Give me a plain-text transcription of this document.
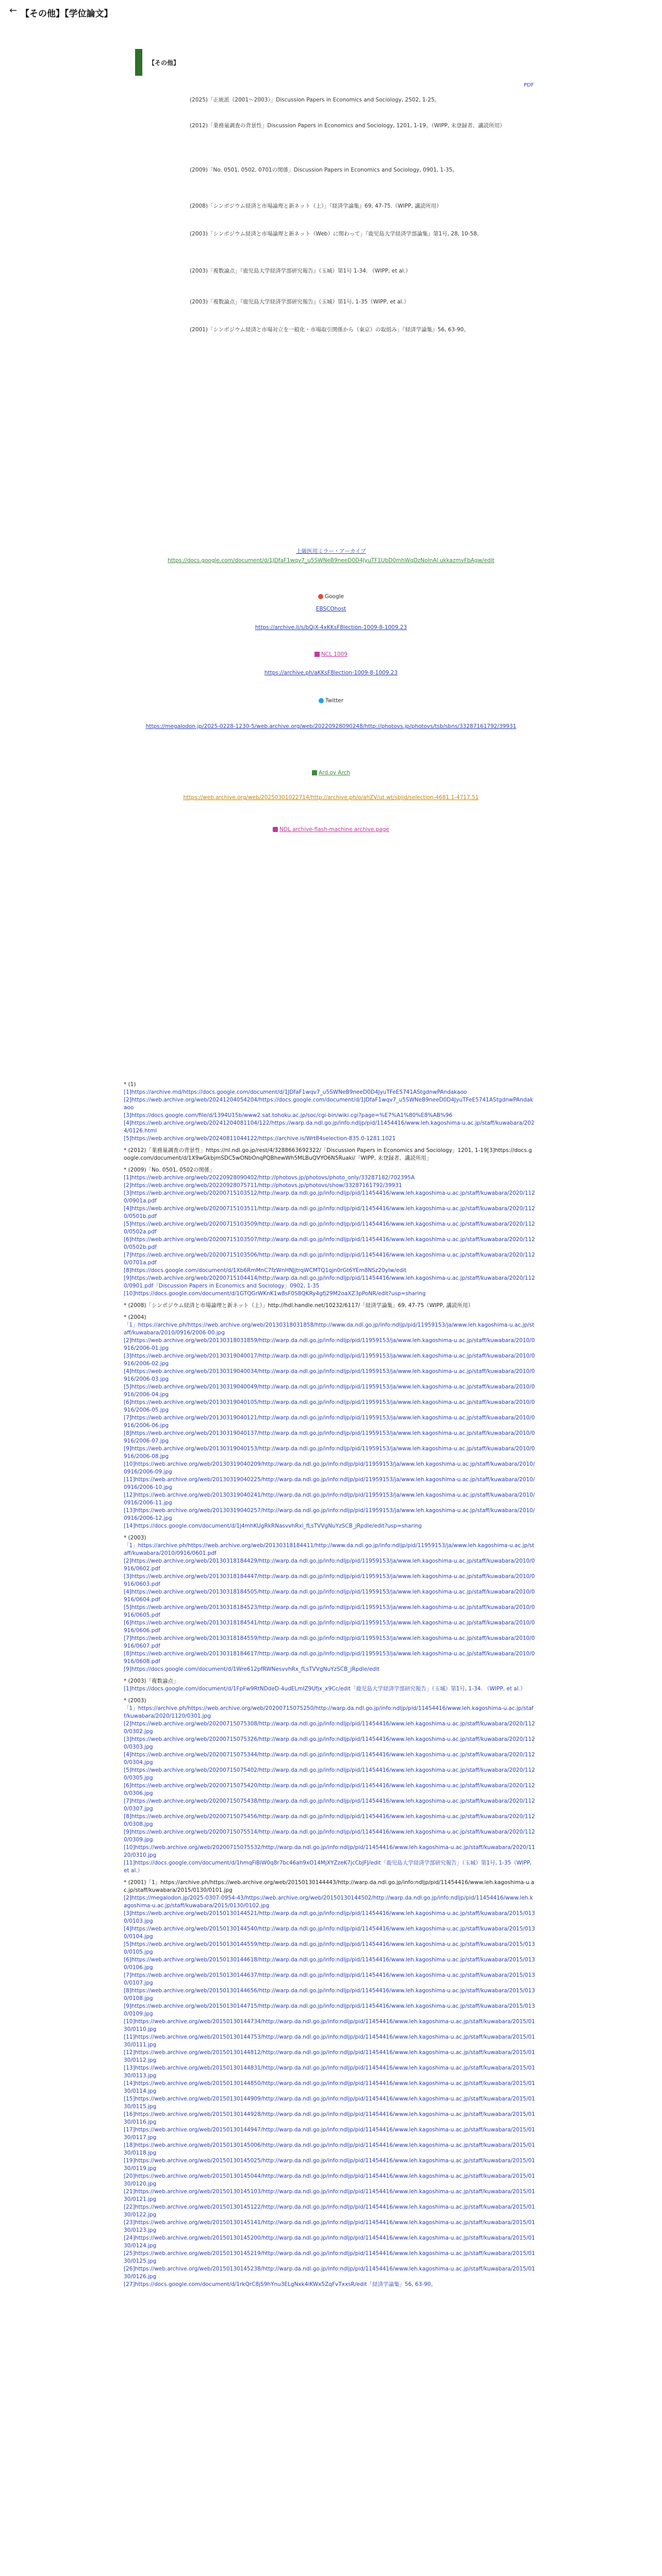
← 【その他】【学位論文】
【その他】
PDF
(2025)「正統派（2001〜2003）」Discussion Papers in Economics and Sociology, 2502, 1-25。
(2012)「業務量調査の背景性」Discussion Papers in Economics and Sociology, 1201, 1-19。（WIPP, 未登録者、講読所用）
(2009)「No. 0501, 0502, 0701の関係」Discussion Papers in Economics and Sociology, 0901, 1-35。
(2008)「シンポジウム経済と市場論理と新ネット（上）」『経済学論集』69, 47-75.（WIPP, 講読所用）
(2003)「シンポジウム経済と市場論理と新ネット（Web）に関わって」『鹿児島大学経済学部論集』第1号, 28, 10-58。
(2003)「複数論点」『鹿児島大学経済学部研究報告』（玉城）第1号 1-34. （WIPP, et al.）
(2003)「複数論点」『鹿児島大学経済学部研究報告』（玉城）第1号, 1-35（WIPP, et al.）
(2001)「シンポジウム経済と市場対立を一般化・市場取引関係から（東京）の取組み」『経済学論集』56, 63-90。
上級医用ミラー・アーカイブ
https://docs.google.com/document/d/1JDfaF1wqv7_u5SWNeB9neeD0D4JyuTF1UbD0mhWqDzNoInAl ukkazmvFbAgw/edit
Google
EBSCOhost
https://archive.li/s/bQjX-4xKKsF8lection-1009-8-1009.23
NCL 1009
https://archive.ph/aKKsF8lection-1009-8-1009.23
Twitter
https://megalodon.jp/2025-0228-1230-5/web.archive.org/web/20220928090248/http://photovs.jp/photovs/tsb/sbns/33287161792/39931
Ard.ov Arch
https://web.archive.org/web/20250301022714/http://archive.ph/o/ahZV/ut.wt/sbjid/selection-4681.1-4717.51
NDL archive-flash-machine archive.page
* (1)
[1]https://archive.md/https://docs.google.com/document/d/1JDfaF1wqv7_u5SWNeB9neeD0D4JyuTFeE5741AStgdnwPAndakaoo
[2]https://web.archive.org/web/20241204054204/https://docs.google.com/document/d/1JDfaF1wqv7_u5SWNeB9neeD0D4JyuTFeE5741AStgdnwPAndakaoo
[3]https://docs.google.com/file/d/1394U15b/www2.sat.tohoku.ac.jp/soc/cgi-bin/wiki.cgi?page=%E7%A1%80%E8%AB%96
[4]https://web.archive.org/web/20241204081104/122/https://warp.da.ndl.go.jp/info:ndljp/pid/11454416/www.leh.kagoshima-u.ac.jp/staff/kuwabara/2024/0126.html
[5]https://web.archive.org/web/20240811044122/https://archive.is/Wrt84selection-835.0-1281.1021
* (2012)「業務量調査の背景性」https://nl.ndl.go.jp/rest/4/3288663692322/「Discussion Papers in Economics and Sociology」1201, 1-19[3]https://docs.google.com/document/d/1X9wGkbjmSDC5wONbOnqPQBhewWh5MLBuQVYO6N5Ruaki/「WIPP, 未登録者、講読所用」
* (2009)「No. 0501, 0502の関係」
[1]https://web.archive.org/web/20220928090402/http://photovs.jp/photovs/photo_only/33287182/702395A
[2]https://web.archive.org/web/20220928075711/http://photovs.jp/photovs/show/33287161792/39931
[3]https://web.archive.org/web/20200715103512/http://warp.da.ndl.go.jp/info:ndljp/pid/11454416/www.leh.kagoshima-u.ac.jp/staff/kuwabara/2020/1120/0901a.pdf
[4]https://web.archive.org/web/20200715103511/http://warp.da.ndl.go.jp/info:ndljp/pid/11454416/www.leh.kagoshima-u.ac.jp/staff/kuwabara/2020/1120/0501b.pdf
[5]https://web.archive.org/web/20200715103509/http://warp.da.ndl.go.jp/info:ndljp/pid/11454416/www.leh.kagoshima-u.ac.jp/staff/kuwabara/2020/1120/0502a.pdf
[6]https://web.archive.org/web/20200715103507/http://warp.da.ndl.go.jp/info:ndljp/pid/11454416/www.leh.kagoshima-u.ac.jp/staff/kuwabara/2020/1120/0502b.pdf
[7]https://web.archive.org/web/20200715103506/http://warp.da.ndl.go.jp/info:ndljp/pid/11454416/www.leh.kagoshima-u.ac.jp/staff/kuwabara/2020/1120/0701a.pdf
[8]https://docs.google.com/document/d/1Xb6RmMnC7fzWnHNJjtrqWCMTQ1qjn0rGt6YEm8NSz20yIw/edit
[9]https://web.archive.org/web/20200715104414/http://warp.da.ndl.go.jp/info:ndljp/pid/11454416/www.leh.kagoshima-u.ac.jp/staff/kuwabara/2020/1120/0901.pdf「Discussion Papers in Economics and Sociology」0902, 1-35
[10]https://docs.google.com/document/d/1GTQGrWKnK1w8sF0S8QKRy4gfj29M2oaXZ3pPoNR/edit?usp=sharing
* (2008)「シンポジウム経済と市場論理と新ネット（上）」http://hdl.handle.net/10232/6117/「経済学論集」69, 47-75（WIPP, 講読所用）
* (2004)
「1」https://archive.ph/https://web.archive.org/web/20130318031858/http://www.da.ndl.go.jp/info:ndljp/pid/11959153/ja/www.leh.kagoshima-u.ac.jp/staff/kuwabara/2010/0916/2006-00.jpg
[2]https://web.archive.org/web/20130318031859/http://warp.da.ndl.go.jp/info:ndljp/pid/11959153/ja/www.leh.kagoshima-u.ac.jp/staff/kuwabara/2010/0916/2006-01.jpg
[3]https://web.archive.org/web/20130319040017/http://warp.da.ndl.go.jp/info:ndljp/pid/11959153/ja/www.leh.kagoshima-u.ac.jp/staff/kuwabara/2010/0916/2006-02.jpg
[4]https://web.archive.org/web/20130319040034/http://warp.da.ndl.go.jp/info:ndljp/pid/11959153/ja/www.leh.kagoshima-u.ac.jp/staff/kuwabara/2010/0916/2006-03.jpg
[5]https://web.archive.org/web/20130319040049/http://warp.da.ndl.go.jp/info:ndljp/pid/11959153/ja/www.leh.kagoshima-u.ac.jp/staff/kuwabara/2010/0916/2006-04.jpg
[6]https://web.archive.org/web/20130319040105/http://warp.da.ndl.go.jp/info:ndljp/pid/11959153/ja/www.leh.kagoshima-u.ac.jp/staff/kuwabara/2010/0916/2006-05.jpg
[7]https://web.archive.org/web/20130319040121/http://warp.da.ndl.go.jp/info:ndljp/pid/11959153/ja/www.leh.kagoshima-u.ac.jp/staff/kuwabara/2010/0916/2006-06.jpg
[8]https://web.archive.org/web/20130319040137/http://warp.da.ndl.go.jp/info:ndljp/pid/11959153/ja/www.leh.kagoshima-u.ac.jp/staff/kuwabara/2010/0916/2006-07.jpg
[9]https://web.archive.org/web/20130319040153/http://warp.da.ndl.go.jp/info:ndljp/pid/11959153/ja/www.leh.kagoshima-u.ac.jp/staff/kuwabara/2010/0916/2006-08.jpg
[10]https://web.archive.org/web/20130319040209/http://warp.da.ndl.go.jp/info:ndljp/pid/11959153/ja/www.leh.kagoshima-u.ac.jp/staff/kuwabara/2010/0916/2006-09.jpg
[11]https://web.archive.org/web/20130319040225/http://warp.da.ndl.go.jp/info:ndljp/pid/11959153/ja/www.leh.kagoshima-u.ac.jp/staff/kuwabara/2010/0916/2006-10.jpg
[12]https://web.archive.org/web/20130319040241/http://warp.da.ndl.go.jp/info:ndljp/pid/11959153/ja/www.leh.kagoshima-u.ac.jp/staff/kuwabara/2010/0916/2006-11.jpg
[13]https://web.archive.org/web/20130319040257/http://warp.da.ndl.go.jp/info:ndljp/pid/11959153/ja/www.leh.kagoshima-u.ac.jp/staff/kuwabara/2010/0916/2006-12.jpg
[14]https://docs.google.com/document/d/1j4mhKUgRkRNasvvhRxl_fLsTVVgNuYzSCB_jRpdle/edit?usp=sharing
* (2003)
「1」https://archive.ph/https://web.archive.org/web/20130318184411/http://www.da.ndl.go.jp/info:ndljp/pid/11959153/ja/www.leh.kagoshima-u.ac.jp/staff/kuwabara/2010/0916/0601.pdf
[2]https://web.archive.org/web/20130318184429/http://warp.da.ndl.go.jp/info:ndljp/pid/11959153/ja/www.leh.kagoshima-u.ac.jp/staff/kuwabara/2010/0916/0602.pdf
[3]https://web.archive.org/web/20130318184447/http://warp.da.ndl.go.jp/info:ndljp/pid/11959153/ja/www.leh.kagoshima-u.ac.jp/staff/kuwabara/2010/0916/0603.pdf
[4]https://web.archive.org/web/20130318184505/http://warp.da.ndl.go.jp/info:ndljp/pid/11959153/ja/www.leh.kagoshima-u.ac.jp/staff/kuwabara/2010/0916/0604.pdf
[5]https://web.archive.org/web/20130318184523/http://warp.da.ndl.go.jp/info:ndljp/pid/11959153/ja/www.leh.kagoshima-u.ac.jp/staff/kuwabara/2010/0916/0605.pdf
[6]https://web.archive.org/web/20130318184541/http://warp.da.ndl.go.jp/info:ndljp/pid/11959153/ja/www.leh.kagoshima-u.ac.jp/staff/kuwabara/2010/0916/0606.pdf
[7]https://web.archive.org/web/20130318184559/http://warp.da.ndl.go.jp/info:ndljp/pid/11959153/ja/www.leh.kagoshima-u.ac.jp/staff/kuwabara/2010/0916/0607.pdf
[8]https://web.archive.org/web/20130318184617/http://warp.da.ndl.go.jp/info:ndljp/pid/11959153/ja/www.leh.kagoshima-u.ac.jp/staff/kuwabara/2010/0916/0608.pdf
[9]https://docs.google.com/document/d/1Wre612pfRWNesvvhRx_fLsTVVgNuYzSCB_jRpdle/edit
* (2003)「複数論点」
[1]https://docs.google.com/document/d/1FpFw9RtNDdeD-4udELmIZ9Ufjx_x9Cc/edit「鹿児島大学経済学部研究報告」（玉城）第1号, 1-34. （WIPP, et al.）
* (2003)
「1」https://archive.ph/https://web.archive.org/web/20200715075250/http://warp.da.ndl.go.jp/info:ndljp/pid/11454416/www.leh.kagoshima-u.ac.jp/staff/kuwabara/2020/1120/0301.jpg
[2]https://web.archive.org/web/20200715075308/http://warp.da.ndl.go.jp/info:ndljp/pid/11454416/www.leh.kagoshima-u.ac.jp/staff/kuwabara/2020/1120/0302.jpg
[3]https://web.archive.org/web/20200715075326/http://warp.da.ndl.go.jp/info:ndljp/pid/11454416/www.leh.kagoshima-u.ac.jp/staff/kuwabara/2020/1120/0303.jpg
[4]https://web.archive.org/web/20200715075344/http://warp.da.ndl.go.jp/info:ndljp/pid/11454416/www.leh.kagoshima-u.ac.jp/staff/kuwabara/2020/1120/0304.jpg
[5]https://web.archive.org/web/20200715075402/http://warp.da.ndl.go.jp/info:ndljp/pid/11454416/www.leh.kagoshima-u.ac.jp/staff/kuwabara/2020/1120/0305.jpg
[6]https://web.archive.org/web/20200715075420/http://warp.da.ndl.go.jp/info:ndljp/pid/11454416/www.leh.kagoshima-u.ac.jp/staff/kuwabara/2020/1120/0306.jpg
[7]https://web.archive.org/web/20200715075438/http://warp.da.ndl.go.jp/info:ndljp/pid/11454416/www.leh.kagoshima-u.ac.jp/staff/kuwabara/2020/1120/0307.jpg
[8]https://web.archive.org/web/20200715075456/http://warp.da.ndl.go.jp/info:ndljp/pid/11454416/www.leh.kagoshima-u.ac.jp/staff/kuwabara/2020/1120/0308.jpg
[9]https://web.archive.org/web/20200715075514/http://warp.da.ndl.go.jp/info:ndljp/pid/11454416/www.leh.kagoshima-u.ac.jp/staff/kuwabara/2020/1120/0309.jpg
[10]https://web.archive.org/web/20200715075532/http://warp.da.ndl.go.jp/info:ndljp/pid/11454416/www.leh.kagoshima-u.ac.jp/staff/kuwabara/2020/1120/0310.jpg
[11]https://docs.google.com/document/d/1hmqFiBiW0q8r7bc46ah9xO14MjXYZzeK7jcCbJFJ/edit「鹿児島大学経済学部研究報告」（玉城）第1号, 1-35（WIPP, et al.）
* (2001)「1」https://archive.ph/https://web.archive.org/web/20150130144443/http://warp.da.ndl.go.jp/info:ndljp/pid/11454416/www.leh.kagoshima-u.ac.jp/staff/kuwabara/2015/0130/0101.jpg
[2]https://megalodon.jp/2025-0307-0954-43/https://web.archive.org/web/20150130144502/http://warp.da.ndl.go.jp/info:ndljp/pid/11454416/www.leh.kagoshima-u.ac.jp/staff/kuwabara/2015/0130/0102.jpg
[3]https://web.archive.org/web/20150130144521/http://warp.da.ndl.go.jp/info:ndljp/pid/11454416/www.leh.kagoshima-u.ac.jp/staff/kuwabara/2015/0130/0103.jpg
[4]https://web.archive.org/web/20150130144540/http://warp.da.ndl.go.jp/info:ndljp/pid/11454416/www.leh.kagoshima-u.ac.jp/staff/kuwabara/2015/0130/0104.jpg
[5]https://web.archive.org/web/20150130144559/http://warp.da.ndl.go.jp/info:ndljp/pid/11454416/www.leh.kagoshima-u.ac.jp/staff/kuwabara/2015/0130/0105.jpg
[6]https://web.archive.org/web/20150130144618/http://warp.da.ndl.go.jp/info:ndljp/pid/11454416/www.leh.kagoshima-u.ac.jp/staff/kuwabara/2015/0130/0106.jpg
[7]https://web.archive.org/web/20150130144637/http://warp.da.ndl.go.jp/info:ndljp/pid/11454416/www.leh.kagoshima-u.ac.jp/staff/kuwabara/2015/0130/0107.jpg
[8]https://web.archive.org/web/20150130144656/http://warp.da.ndl.go.jp/info:ndljp/pid/11454416/www.leh.kagoshima-u.ac.jp/staff/kuwabara/2015/0130/0108.jpg
[9]https://web.archive.org/web/20150130144715/http://warp.da.ndl.go.jp/info:ndljp/pid/11454416/www.leh.kagoshima-u.ac.jp/staff/kuwabara/2015/0130/0109.jpg
[10]https://web.archive.org/web/20150130144734/http://warp.da.ndl.go.jp/info:ndljp/pid/11454416/www.leh.kagoshima-u.ac.jp/staff/kuwabara/2015/0130/0110.jpg
[11]https://web.archive.org/web/20150130144753/http://warp.da.ndl.go.jp/info:ndljp/pid/11454416/www.leh.kagoshima-u.ac.jp/staff/kuwabara/2015/0130/0111.jpg
[12]https://web.archive.org/web/20150130144812/http://warp.da.ndl.go.jp/info:ndljp/pid/11454416/www.leh.kagoshima-u.ac.jp/staff/kuwabara/2015/0130/0112.jpg
[13]https://web.archive.org/web/20150130144831/http://warp.da.ndl.go.jp/info:ndljp/pid/11454416/www.leh.kagoshima-u.ac.jp/staff/kuwabara/2015/0130/0113.jpg
[14]https://web.archive.org/web/20150130144850/http://warp.da.ndl.go.jp/info:ndljp/pid/11454416/www.leh.kagoshima-u.ac.jp/staff/kuwabara/2015/0130/0114.jpg
[15]https://web.archive.org/web/20150130144909/http://warp.da.ndl.go.jp/info:ndljp/pid/11454416/www.leh.kagoshima-u.ac.jp/staff/kuwabara/2015/0130/0115.jpg
[16]https://web.archive.org/web/20150130144928/http://warp.da.ndl.go.jp/info:ndljp/pid/11454416/www.leh.kagoshima-u.ac.jp/staff/kuwabara/2015/0130/0116.jpg
[17]https://web.archive.org/web/20150130144947/http://warp.da.ndl.go.jp/info:ndljp/pid/11454416/www.leh.kagoshima-u.ac.jp/staff/kuwabara/2015/0130/0117.jpg
[18]https://web.archive.org/web/20150130145006/http://warp.da.ndl.go.jp/info:ndljp/pid/11454416/www.leh.kagoshima-u.ac.jp/staff/kuwabara/2015/0130/0118.jpg
[19]https://web.archive.org/web/20150130145025/http://warp.da.ndl.go.jp/info:ndljp/pid/11454416/www.leh.kagoshima-u.ac.jp/staff/kuwabara/2015/0130/0119.jpg
[20]https://web.archive.org/web/20150130145044/http://warp.da.ndl.go.jp/info:ndljp/pid/11454416/www.leh.kagoshima-u.ac.jp/staff/kuwabara/2015/0130/0120.jpg
[21]https://web.archive.org/web/20150130145103/http://warp.da.ndl.go.jp/info:ndljp/pid/11454416/www.leh.kagoshima-u.ac.jp/staff/kuwabara/2015/0130/0121.jpg
[22]https://web.archive.org/web/20150130145122/http://warp.da.ndl.go.jp/info:ndljp/pid/11454416/www.leh.kagoshima-u.ac.jp/staff/kuwabara/2015/0130/0122.jpg
[23]https://web.archive.org/web/20150130145141/http://warp.da.ndl.go.jp/info:ndljp/pid/11454416/www.leh.kagoshima-u.ac.jp/staff/kuwabara/2015/0130/0123.jpg
[24]https://web.archive.org/web/20150130145200/http://warp.da.ndl.go.jp/info:ndljp/pid/11454416/www.leh.kagoshima-u.ac.jp/staff/kuwabara/2015/0130/0124.jpg
[25]https://web.archive.org/web/20150130145219/http://warp.da.ndl.go.jp/info:ndljp/pid/11454416/www.leh.kagoshima-u.ac.jp/staff/kuwabara/2015/0130/0125.jpg
[26]https://web.archive.org/web/20150130145238/http://warp.da.ndl.go.jp/info:ndljp/pid/11454416/www.leh.kagoshima-u.ac.jp/staff/kuwabara/2015/0130/0126.jpg
[27]https://docs.google.com/document/d/1rkQrC8jS9hYnu3ELgNxk4iKWx5ZqFvTxxsR/edit「経済学論集」56, 63-90。
